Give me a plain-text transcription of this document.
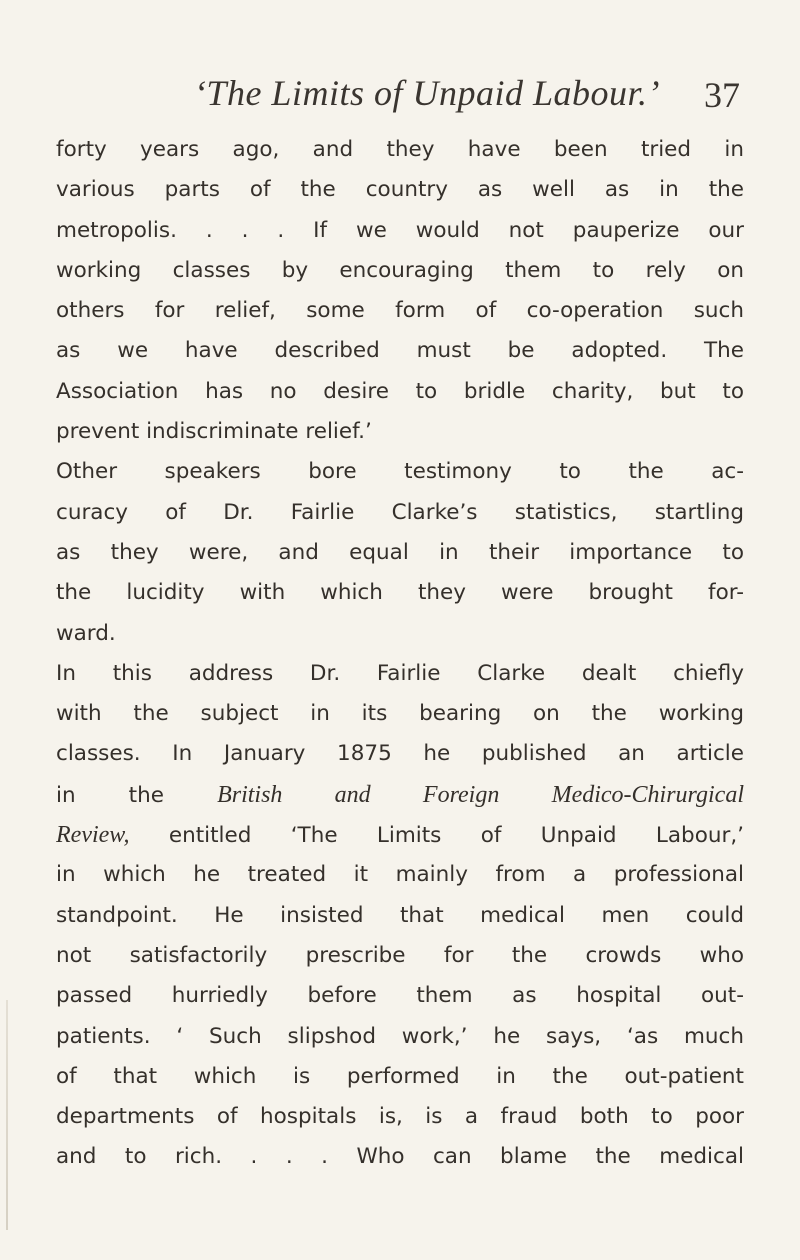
‘The Limits of Unpaid Labour.’ 37
forty years ago, and they have been tried in
various parts of the country as well as in the
metropolis. . . . If we would not pauperize our
working classes by encouraging them to rely on
others for relief, some form of co-operation such
as we have described must be adopted. The
Association has no desire to bridle charity, but to
prevent indiscriminate relief.’
Other speakers bore testimony to the ac-
curacy of Dr. Fairlie Clarke’s statistics, startling
as they were, and equal in their importance to
the lucidity with which they were brought for-
ward.
In this address Dr. Fairlie Clarke dealt chiefly
with the subject in its bearing on the working
classes. In January 1875 he published an article
in the British and Foreign Medico-Chirurgical
Review, entitled ‘The Limits of Unpaid Labour,’
in which he treated it mainly from a professional
standpoint. He insisted that medical men could
not satisfactorily prescribe for the crowds who
passed hurriedly before them as hospital out-
patients. ‘ Such slipshod work,’ he says, ‘as much
of that which is performed in the out-patient
departments of hospitals is, is a fraud both to poor
and to rich. . . . Who can blame the medical
